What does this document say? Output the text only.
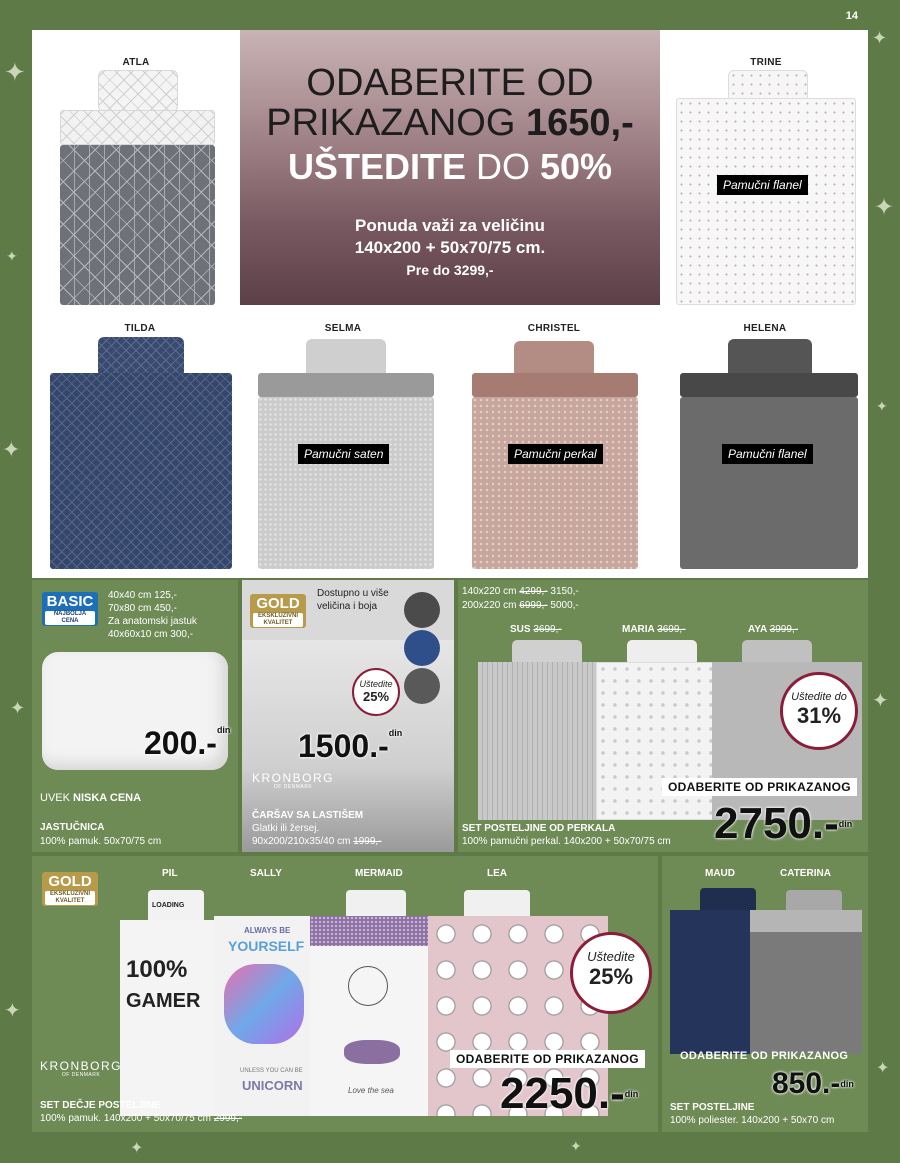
✦
✦
✦
✦
✦
✦
✦
✦
✦
✦
✦
✦
14
ATLA	ODABERITE OD
PRIKAZANOG 1650,-
UŠTEDITE DO 50%
Ponuda važi za veličinu
140x200 + 50x70/75 cm.
Pre do 3299,-
TRINE
Pamučni flanel
TILDA	SELMA	CHRISTEL	HELENA
Pamučni saten	Pamučni perkal	Pamučni flanel
BASIC
NAJBOLJA
CENA
40x40 cm 125,-
70x80 cm 450,-
Za anatomski jastuk
40x60x10 cm 300,-
200.-$^{din}$
UVEK NISKA CENA
JASTUČNICA
100% pamuk. 50x70/75 cm
GOLD
EKSKLUZIVNI
KVALITET
Dostupno u više
veličina i boja
Uštedite
25%
1500.-$^{din}$
KRONBORG
OF DENMARK
ČARŠAV SA LASTIŠEM
Glatki ili žersej.
90x200/210x35/40 cm 1999,-
140x220 cm 4299,- 3150,-
200x220 cm 6999,- 5000,-
SUS 3699,-	MARIA 3699,-	AYA 3999,-
Uštedite do
31%
ODABERITE OD PRIKAZANOG
2750.-$^{din}$
SET POSTELJINE OD PERKALA
100% pamučni perkal. 140x200 + 50x70/75 cm
GOLD
EKSKLUZIVNI
KVALITET
PIL	SALLY	MERMAID	LEA
LOADING
100%
GAMER
ALWAYS BE
YOURSELF
UNLESS YOU CAN BE
UNICORN	Love the sea
Uštedite
25%
ODABERITE OD PRIKAZANOG
2250.-$^{din}$
KRONBORG
OF DENMARK
SET DEČJE POSTELJINE
100% pamuk. 140x200 + 50x70/75 cm 2999,-
MAUD	CATERINA
ODABERITE OD PRIKAZANOG
850.-$^{din}$
SET POSTELJINE
100% poliester. 140x200 + 50x70 cm
